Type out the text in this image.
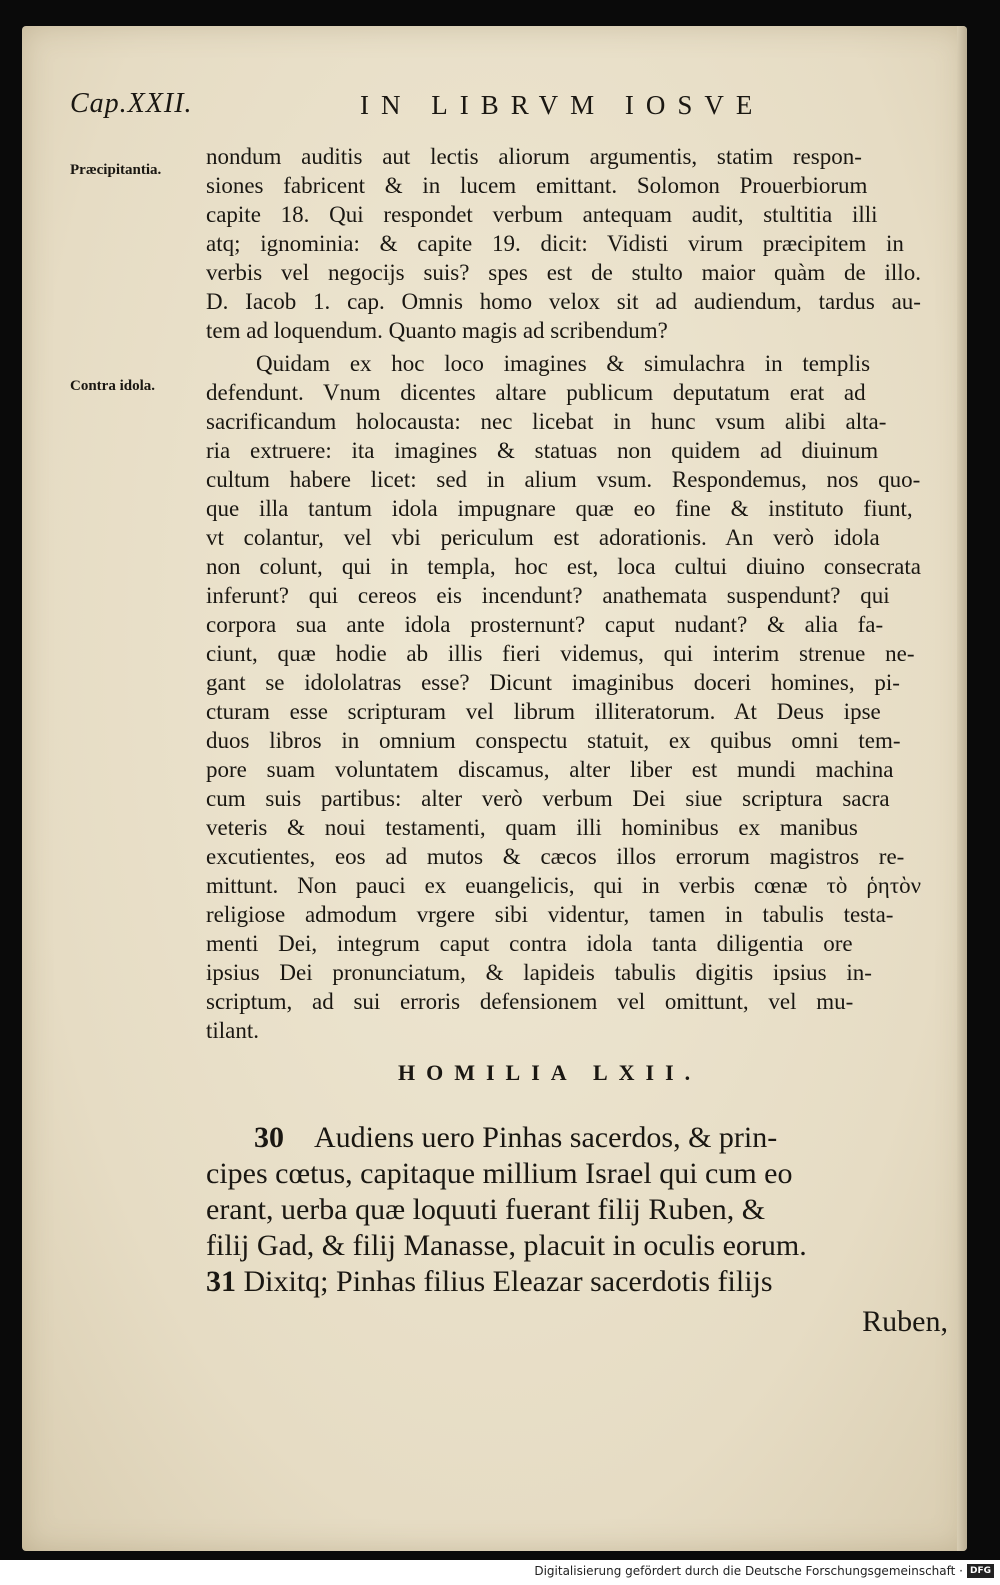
Cap.XXII.	IN LIBRVM IOSVE
Præcipitantia.
Contra idola.

nondum auditis aut lectis aliorum argumentis, statim respon-

siones fabricent & in lucem emittant. Solomon Prouerbiorum

capite 18. Qui respondet verbum antequam audit, stultitia illi

atq; ignominia: & capite 19. dicit: Vidisti virum præcipitem in

verbis vel negocijs suis? spes est de stulto maior quàm de illo.

D. Iacob 1. cap. Omnis homo velox sit ad audiendum, tardus au-

tem ad loquendum. Quanto magis ad scribendum?

Quidam ex hoc loco imagines & simulachra in templis

defendunt. Vnum dicentes altare publicum deputatum erat ad

sacrificandum holocausta: nec licebat in hunc vsum alibi alta-

ria extruere: ita imagines & statuas non quidem ad diuinum

cultum habere licet: sed in alium vsum. Respondemus, nos quo-

que illa tantum idola impugnare quæ eo fine & instituto fiunt,

vt colantur, vel vbi periculum est adorationis. An verò idola

non colunt, qui in templa, hoc est, loca cultui diuino consecrata

inferunt? qui cereos eis incendunt? anathemata suspendunt? qui

corpora sua ante idola prosternunt? caput nudant? & alia fa-

ciunt, quæ hodie ab illis fieri videmus, qui interim strenue ne-

gant se idololatras esse? Dicunt imaginibus doceri homines, pi-

cturam esse scripturam vel librum illiteratorum. At Deus ipse

duos libros in omnium conspectu statuit, ex quibus omni tem-

pore suam voluntatem discamus, alter liber est mundi machina

cum suis partibus: alter verò verbum Dei siue scriptura sacra

veteris & noui testamenti, quam illi hominibus ex manibus

excutientes, eos ad mutos & cæcos illos errorum magistros re-

mittunt. Non pauci ex euangelicis, qui in verbis cœnæ τὸ ῥητὸν

religiose admodum vrgere sibi videntur, tamen in tabulis testa-

menti Dei, integrum caput contra idola tanta diligentia ore

ipsius Dei pronunciatum, & lapideis tabulis digitis ipsius in-

scriptum, ad sui erroris defensionem vel omittunt, vel mu-

tilant.

HOMILIA LXII.

30  Audiens uero Pinhas sacerdos, & prin-

cipes cœtus, capitaque millium Israel qui cum eo

erant, uerba quæ loquuti fuerant filij Ruben, &

filij Gad, & filij Manasse, placuit in oculis eorum.

31 Dixitq; Pinhas filius Eleazar sacerdotis filijs

Ruben,
Digitalisierung gefördert durch die Deutsche Forschungsgemeinschaft · DFG
